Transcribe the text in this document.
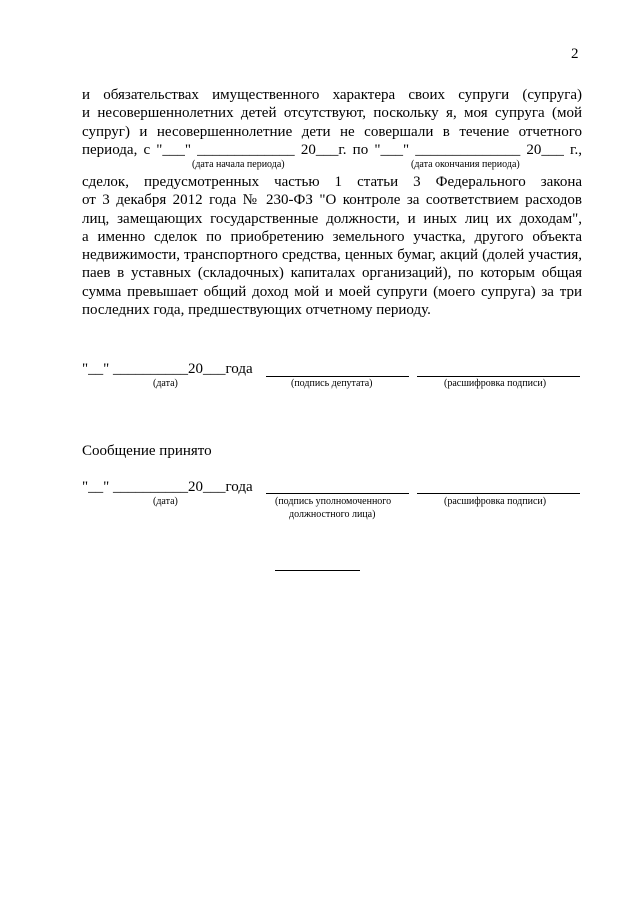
2
и обязательствах имущественного характера своих супруги (супруга)
и несовершеннолетних детей отсутствуют, поскольку я, моя супруга (мой
супруг) и несовершеннолетние дети не совершали в течение отчетного
периода, с "___" _____________ 20___г. по "___" ______________ 20___ г.,
(дата начала периода)	(дата окончания периода)
сделок, предусмотренных частью 1 статьи 3 Федерального закона
от 3 декабря 2012 года № 230-ФЗ "О контроле за соответствием расходов
лиц, замещающих государственные должности, и иных лиц их доходам",
а именно сделок по приобретению земельного участка, другого объекта
недвижимости, транспортного средства, ценных бумаг, акций (долей участия,
паев в уставных (складочных) капиталах организаций), по которым общая
сумма превышает общий доход мой и моей супруги (моего супруга) за три
последних года, предшествующих отчетному периоду.
"__" __________20___года
(дата)	(подпись депутата)	(расшифровка подписи)
Сообщение принято
"__" __________20___года
(дата)	(подпись уполномоченного
должностного лица)
(расшифровка подписи)
